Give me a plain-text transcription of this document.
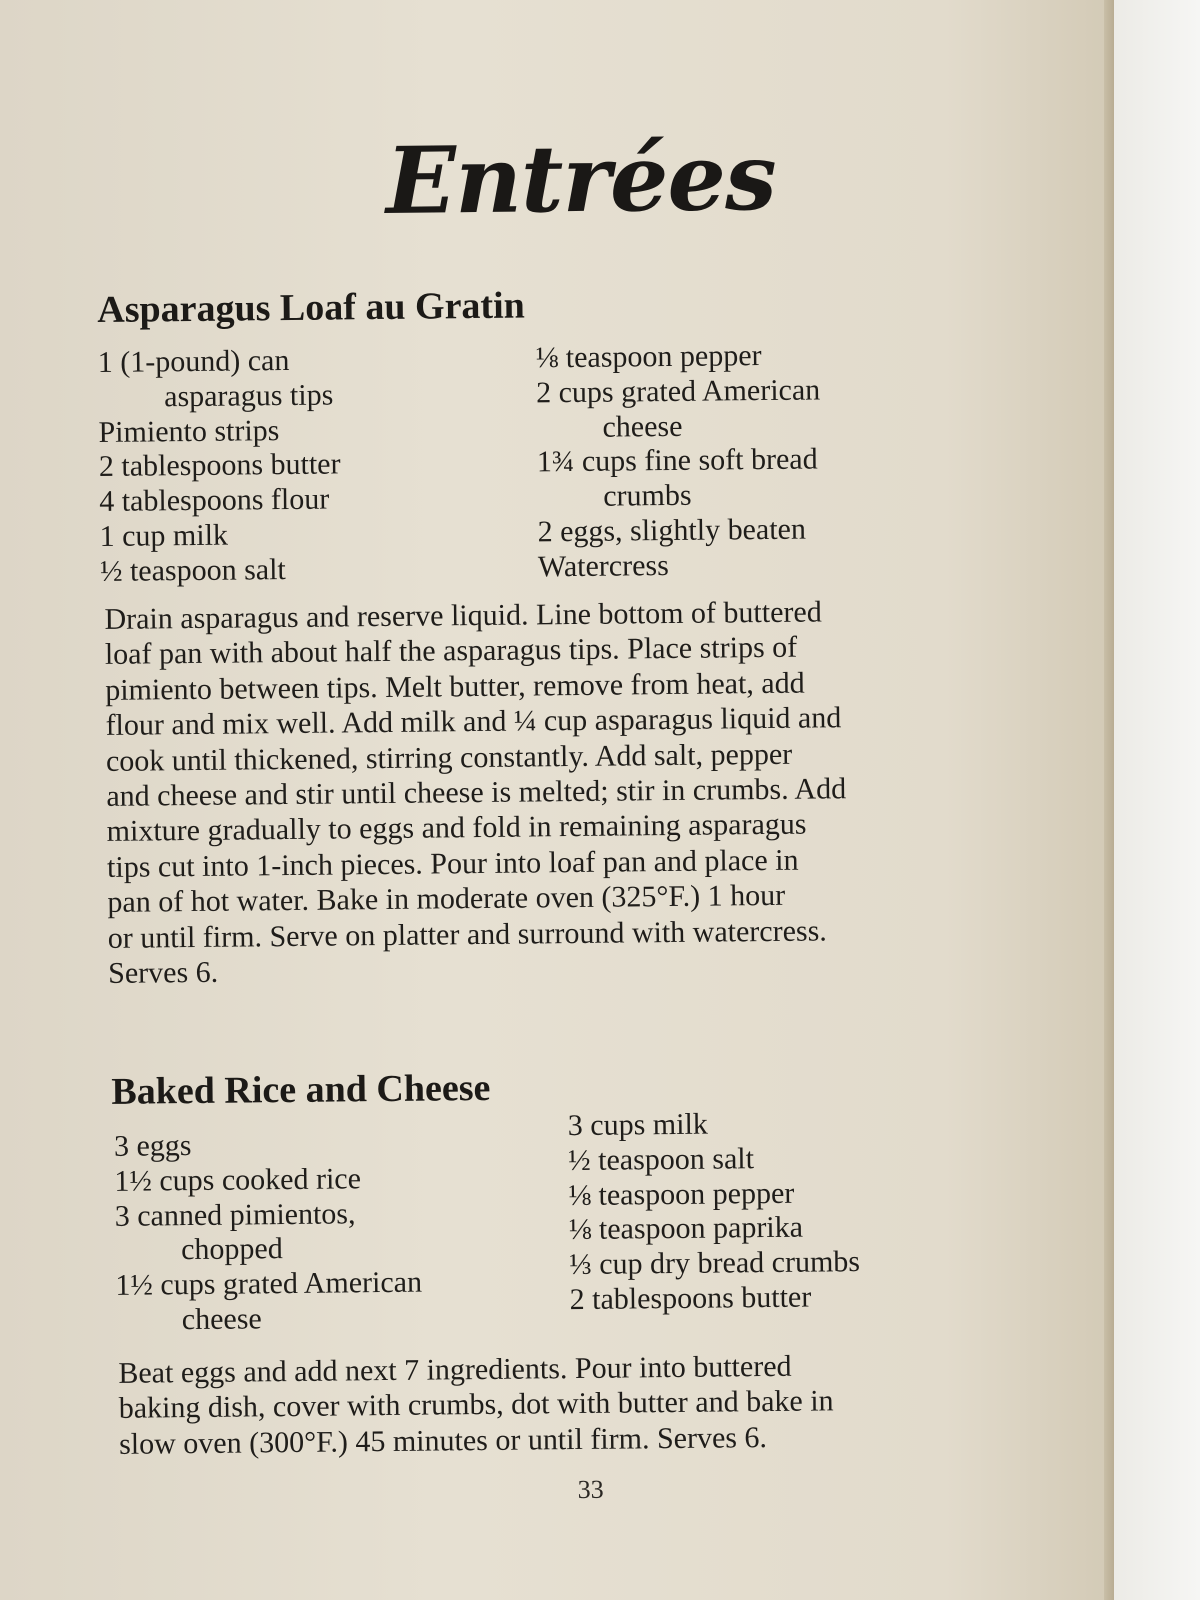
Entrées
Asparagus Loaf au Gratin
1 (1-pound) can
asparagus tips
Pimiento strips
2 tablespoons butter
4 tablespoons flour
1 cup milk
½ teaspoon salt
⅛ teaspoon pepper
2 cups grated American
cheese
1¾ cups fine soft bread
crumbs
2 eggs, slightly beaten
Watercress
Drain asparagus and reserve liquid. Line bottom of buttered
loaf pan with about half the asparagus tips. Place strips of
pimiento between tips. Melt butter, remove from heat, add
flour and mix well. Add milk and ¼ cup asparagus liquid and
cook until thickened, stirring constantly. Add salt, pepper
and cheese and stir until cheese is melted; stir in crumbs. Add
mixture gradually to eggs and fold in remaining asparagus
tips cut into 1-inch pieces. Pour into loaf pan and place in
pan of hot water. Bake in moderate oven (325°F.) 1 hour
or until firm. Serve on platter and surround with watercress.
Serves 6.
Baked Rice and Cheese
3 eggs
1½ cups cooked rice
3 canned pimientos,
chopped
1½ cups grated American
cheese
3 cups milk
½ teaspoon salt
⅛ teaspoon pepper
⅛ teaspoon paprika
⅓ cup dry bread crumbs
2 tablespoons butter
Beat eggs and add next 7 ingredients. Pour into buttered
baking dish, cover with crumbs, dot with butter and bake in
slow oven (300°F.) 45 minutes or until firm. Serves 6.
33
